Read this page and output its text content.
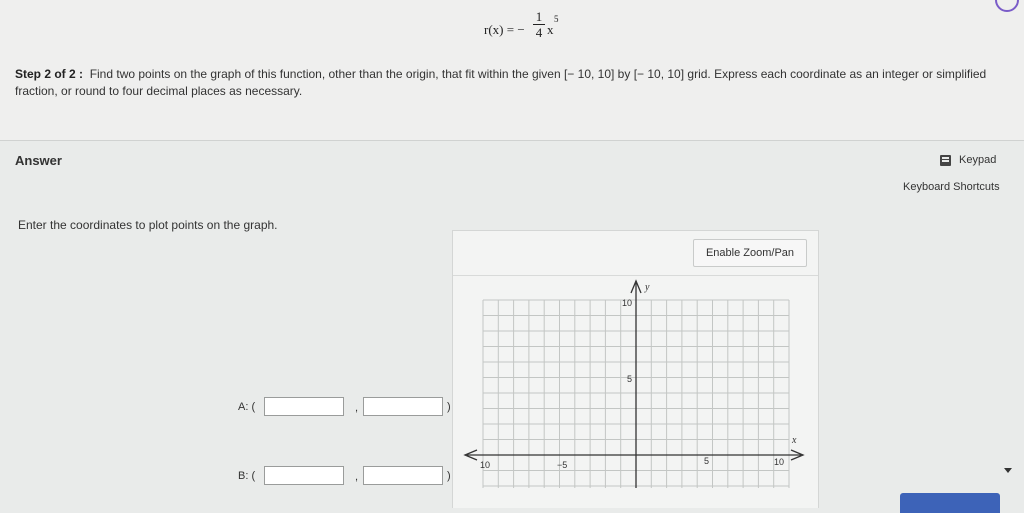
r(x) = −
1
4 x
5
Step 2 of 2 : Find two points on the graph of this function, other than the origin, that fit within the given [− 10, 10] by [− 10, 10] grid. Express each coordinate as an integer or simplified fraction, or round to four decimal places as necessary.
Answer	Keypad
Keyboard Shortcuts
Enter the coordinates to plot points on the graph.
A: (	,	)
B: (	,	)
Enable Zoom/Pan
10
5
10	−5	5	10
x
y
